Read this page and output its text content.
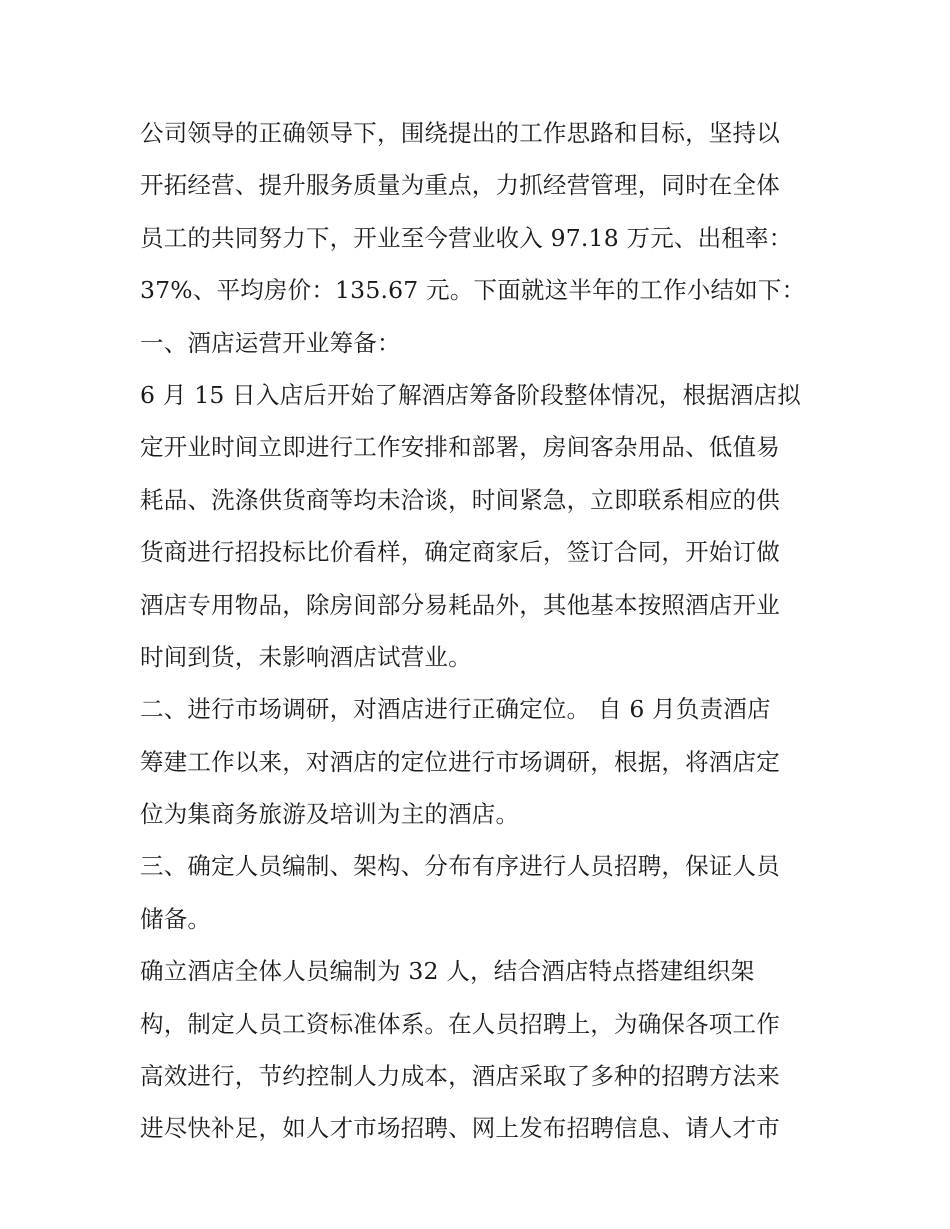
公司领导的正确领导下，围绕提出的工作思路和目标，坚持以
开拓经营、提升服务质量为重点，力抓经营管理，同时在全体
员工的共同努力下，开业至今营业收入 97.18 万元、出租率：
37%、平均房价：135.67 元。下面就这半年的工作小结如下：
一、酒店运营开业筹备：
6 月 15 日入店后开始了解酒店筹备阶段整体情况，根据酒店拟
定开业时间立即进行工作安排和部署，房间客杂用品、低值易
耗品、洗涤供货商等均未洽谈，时间紧急，立即联系相应的供
货商进行招投标比价看样，确定商家后，签订合同，开始订做
酒店专用物品，除房间部分易耗品外，其他基本按照酒店开业
时间到货，未影响酒店试营业。
二、进行市场调研，对酒店进行正确定位。 自 6 月负责酒店
筹建工作以来，对酒店的定位进行市场调研，根据，将酒店定
位为集商务旅游及培训为主的酒店。
三、确定人员编制、架构、分布有序进行人员招聘，保证人员
储备。
确立酒店全体人员编制为 32 人，结合酒店特点搭建组织架
构，制定人员工资标准体系。在人员招聘上，为确保各项工作
高效进行，节约控制人力成本，酒店采取了多种的招聘方法来
进尽快补足，如人才市场招聘、网上发布招聘信息、请人才市
